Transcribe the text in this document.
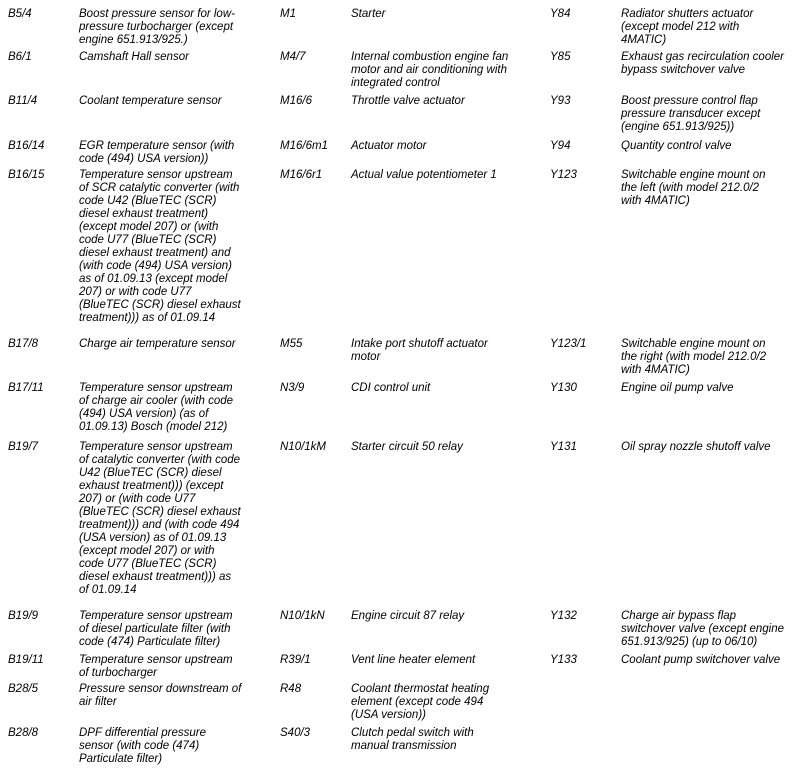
B5/4	Boost pressure sensor for low-
pressure turbocharger (except
engine 651.913/925.)
B6/1	Camshaft Hall sensor
B11/4	Coolant temperature sensor
B16/14	EGR temperature sensor (with
code (494) USA version))
B16/15	Temperature sensor upstream
of SCR catalytic converter (with
code U42 (BlueTEC (SCR)
diesel exhaust treatment)
(except model 207) or (with
code U77 (BlueTEC (SCR)
diesel exhaust treatment) and
(with code (494) USA version)
as of 01.09.13 (except model
207) or with code U77
(BlueTEC (SCR) diesel exhaust
treatment))) as of 01.09.14
B17/8	Charge air temperature sensor
B17/11	Temperature sensor upstream
of charge air cooler (with code
(494) USA version) (as of
01.09.13) Bosch (model 212)
B19/7	Temperature sensor upstream
of catalytic converter (with code
U42 (BlueTEC (SCR) diesel
exhaust treatment))) (except
207) or (with code U77
(BlueTEC (SCR) diesel exhaust
treatment))) and (with code 494
(USA version) as of 01.09.13
(except model 207) or with
code U77 (BlueTEC (SCR)
diesel exhaust treatment))) as
of 01.09.14
B19/9	Temperature sensor upstream
of diesel particulate filter (with
code (474) Particulate filter)
B19/11	Temperature sensor upstream
of turbocharger
B28/5	Pressure sensor downstream of
air filter
B28/8	DPF differential pressure
sensor (with code (474)
Particulate filter)
M1	Starter
M4/7	Internal combustion engine fan
motor and air conditioning with
integrated control
M16/6	Throttle valve actuator
M16/6m1 Actuator motor
M16/6r1	Actual value potentiometer 1
M55	Intake port shutoff actuator
motor
N3/9	CDI control unit
N10/1kM Starter circuit 50 relay
N10/1kN Engine circuit 87 relay
R39/1	Vent line heater element
R48	Coolant thermostat heating
element (except code 494
(USA version))
S40/3	Clutch pedal switch with
manual transmission
Y84	Radiator shutters actuator
(except model 212 with
4MATIC)
Y85	Exhaust gas recirculation cooler
bypass switchover valve
Y93	Boost pressure control flap
pressure transducer except
(engine 651.913/925))
Y94	Quantity control valve
Y123	Switchable engine mount on
the left (with model 212.0/2
with 4MATIC)
Y123/1	Switchable engine mount on
the right (with model 212.0/2
with 4MATIC)
Y130	Engine oil pump valve
Y131	Oil spray nozzle shutoff valve
Y132	Charge air bypass flap
switchover valve (except engine
651.913/925) (up to 06/10)
Y133	Coolant pump switchover valve
